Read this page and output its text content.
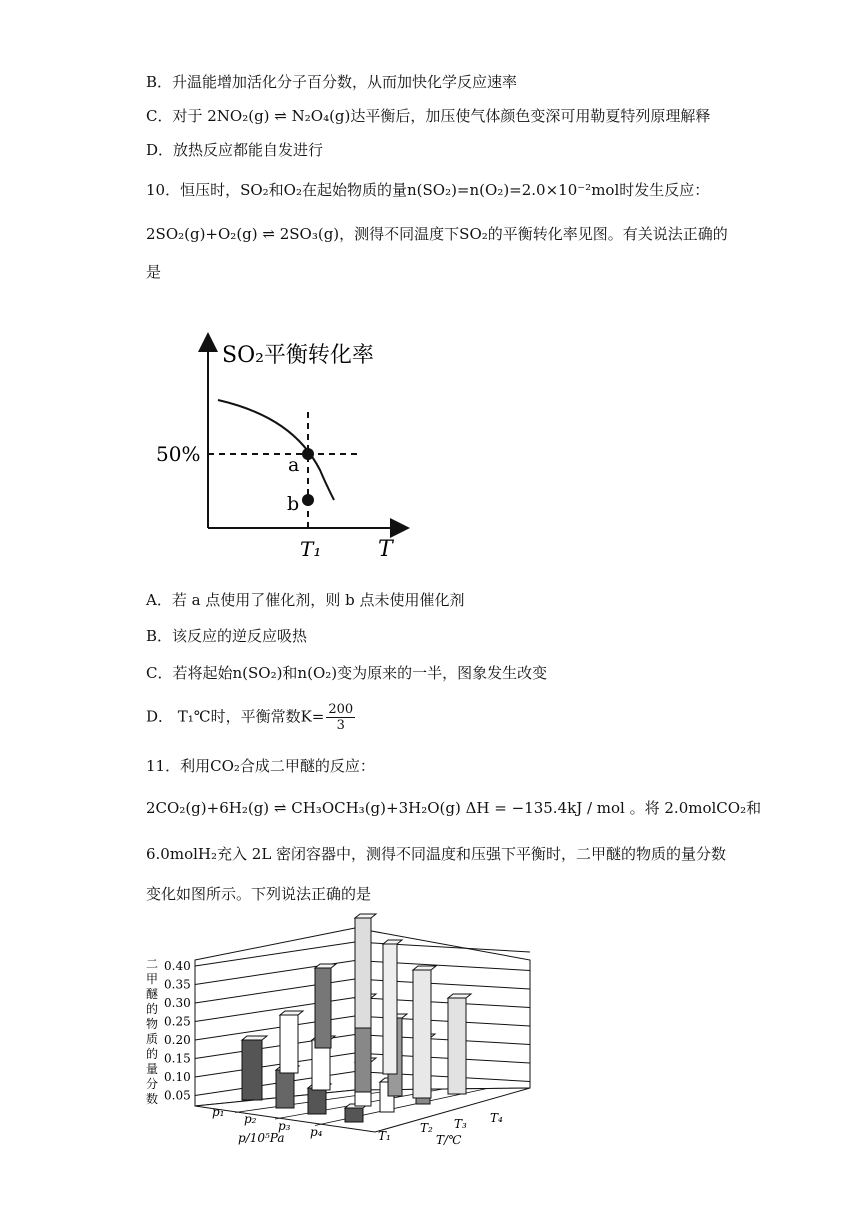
B．升温能增加活化分子百分数，从而加快化学反应速率
C．对于 2NO₂(g) ⇌ N₂O₄(g)达平衡后，加压使气体颜色变深可用勒夏特列原理解释
D．放热反应都能自发进行
10．恒压时，SO₂和O₂在起始物质的量n(SO₂)=n(O₂)=2.0×10⁻²mol时发生反应：
2SO₂(g)+O₂(g) ⇌ 2SO₃(g)，测得不同温度下SO₂的平衡转化率见图。有关说法正确的
是
SO₂平衡转化率
a
b
50%
T₁	T
A．若 a 点使用了催化剂，则 b 点未使用催化剂
B．该反应的逆反应吸热
C．若将起始n(SO₂)和n(O₂)变为原来的一半，图象发生改变
D． T₁℃时，平衡常数$K= \frac{200}{3}$
11．利用CO₂合成二甲醚的反应：
2CO₂(g)+6H₂(g) ⇌ CH₃OCH₃(g)+3H₂O(g) ΔH = −135.4kJ / mol 。将 2.0molCO₂和
6.0molH₂充入 2L 密闭容器中，测得不同温度和压强下平衡时，二甲醚的物质的量分数
变化如图所示。下列说法正确的是
二
甲
醚
的
物
质
的
量
分
数 0.05
0.10
0.15
0.20
0.25
0.30
0.35
0.40
p₁ p₂ p₃ p₄
p/10⁵Pa	T₁
T₂ T₃ T₄
T/℃
